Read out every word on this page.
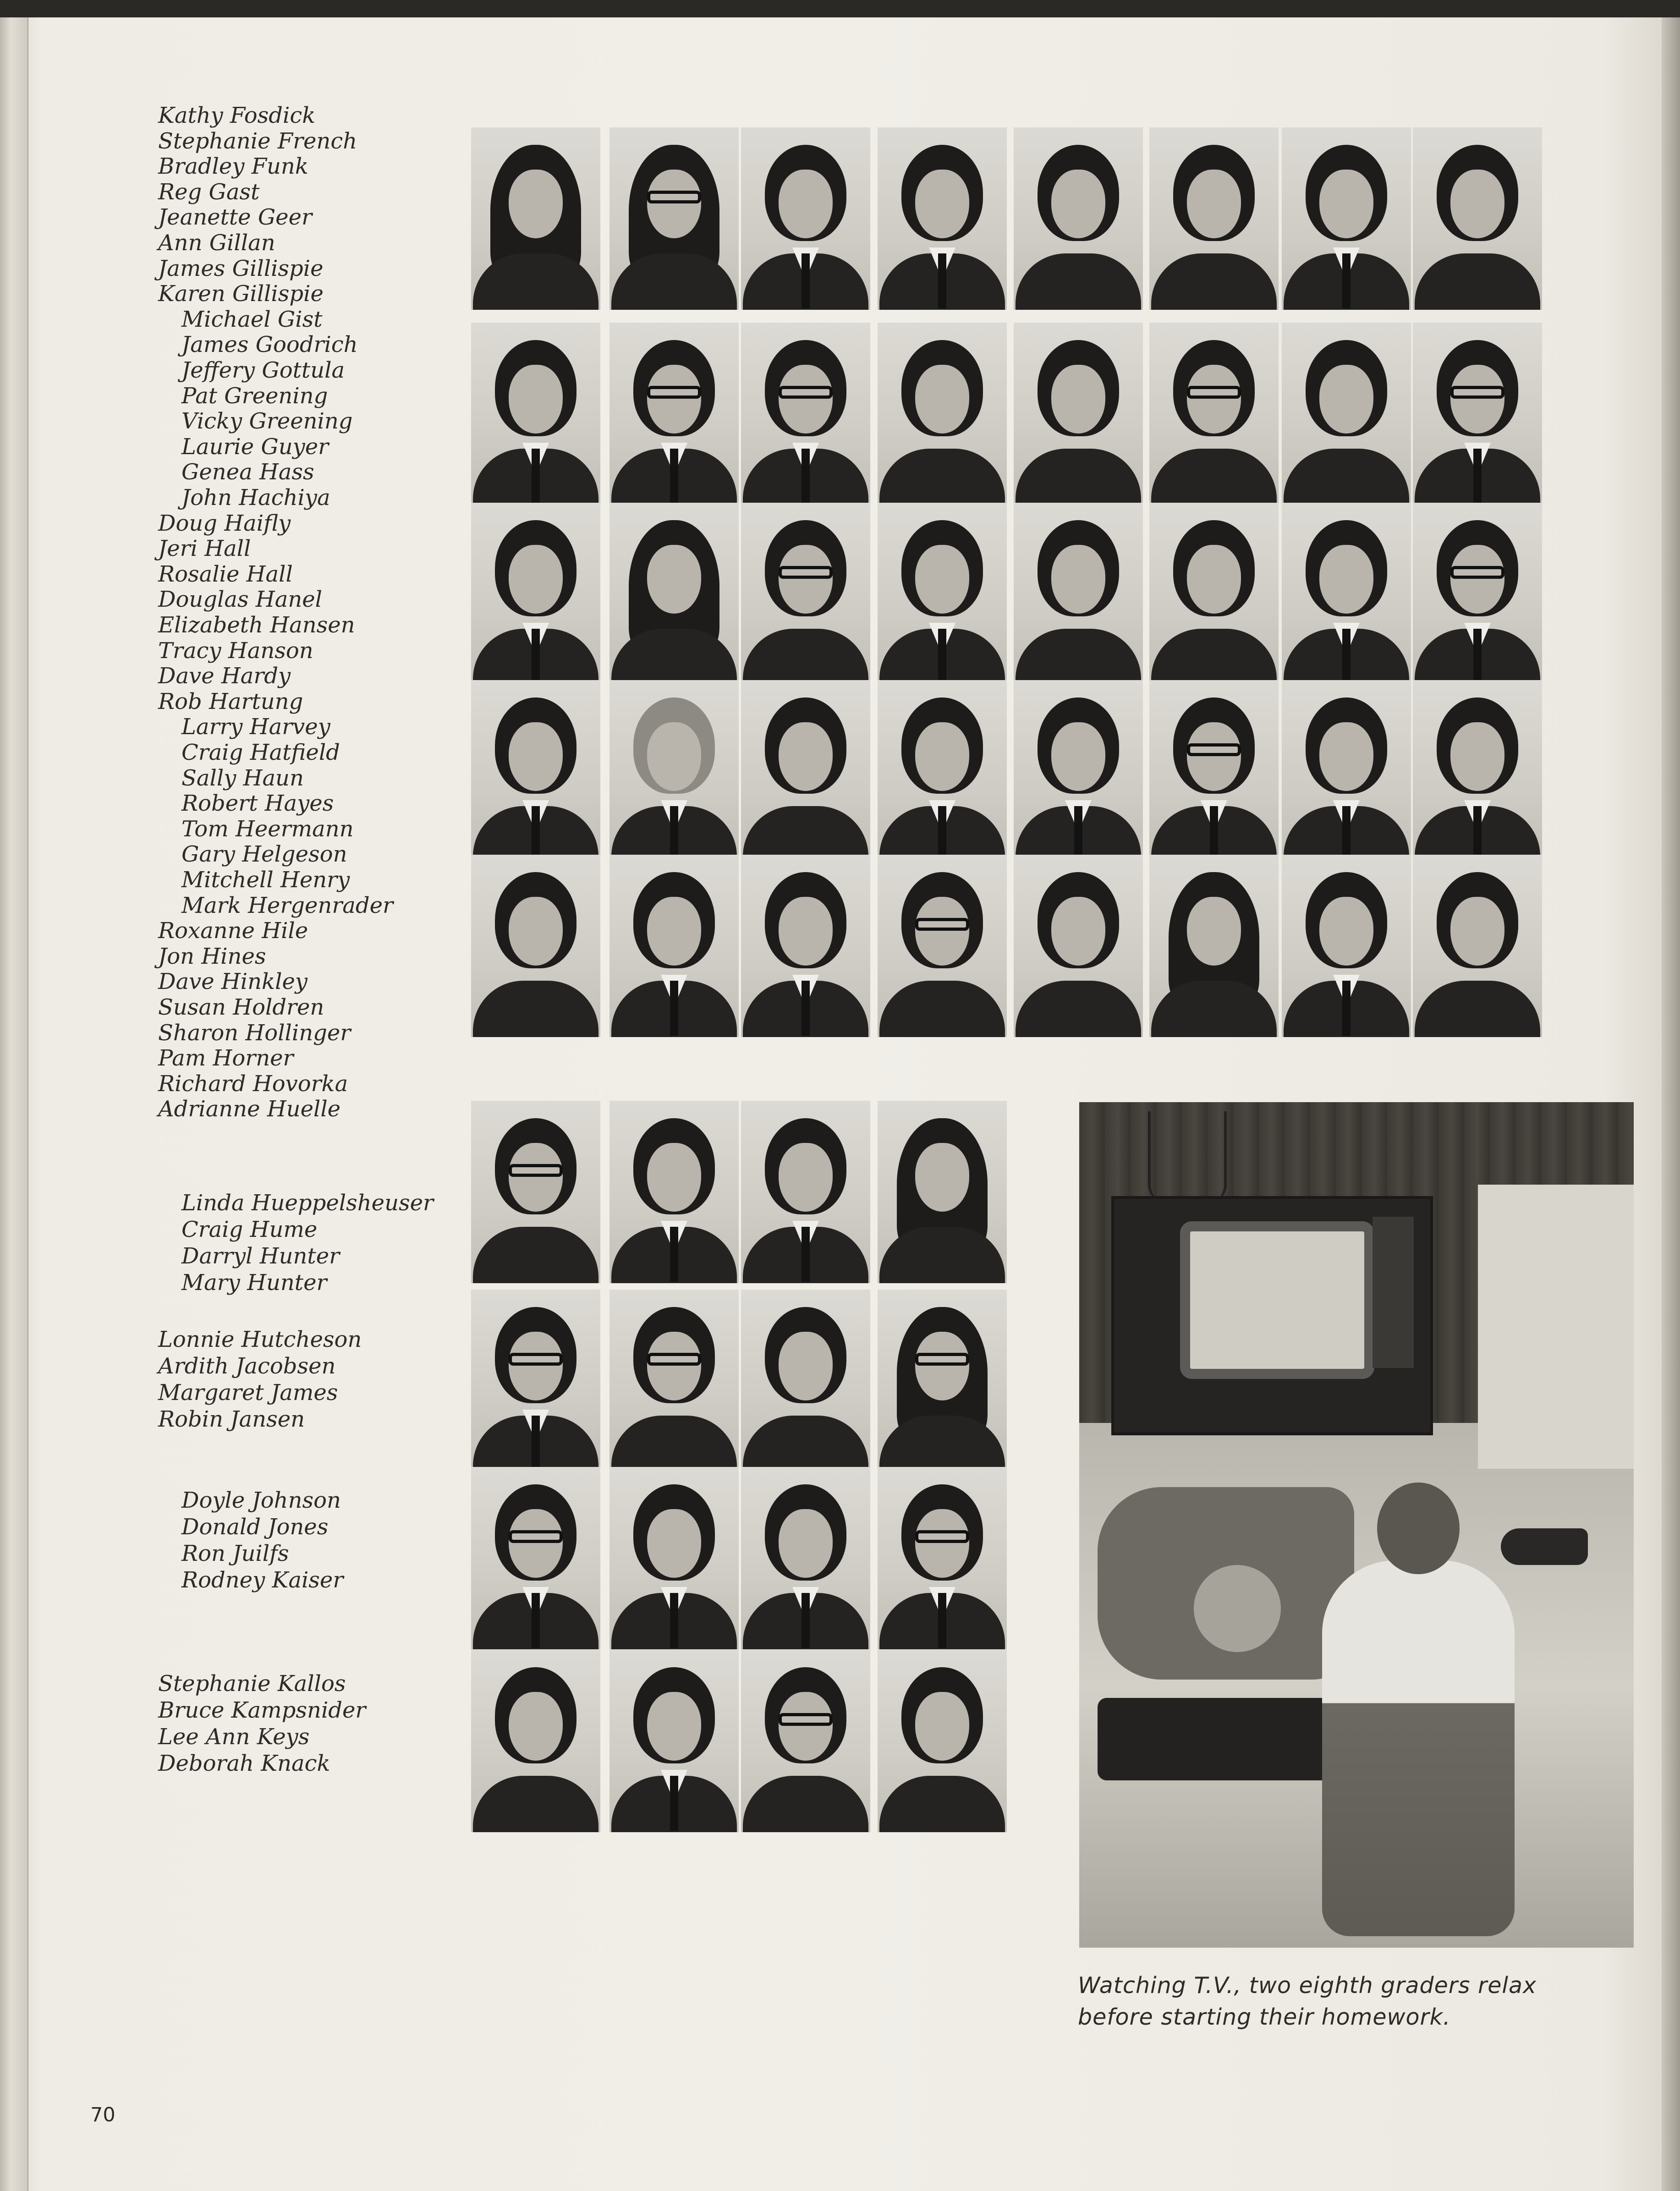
Kathy Fosdick
Stephanie French
Bradley Funk
Reg Gast
Jeanette Geer
Ann Gillan
James Gillispie
Karen Gillispie
Michael Gist
James Goodrich
Jeffery Gottula
Pat Greening
Vicky Greening
Laurie Guyer
Genea Hass
John Hachiya
Doug Haifly
Jeri Hall
Rosalie Hall
Douglas Hanel
Elizabeth Hansen
Tracy Hanson
Dave Hardy
Rob Hartung
Larry Harvey
Craig Hatfield
Sally Haun
Robert Hayes
Tom Heermann
Gary Helgeson
Mitchell Henry
Mark Hergenrader
Roxanne Hile
Jon Hines
Dave Hinkley
Susan Holdren
Sharon Hollinger
Pam Horner
Richard Hovorka
Adrianne Huelle
Linda Hueppelsheuser
Craig Hume
Darryl Hunter
Mary Hunter
Lonnie Hutcheson
Ardith Jacobsen
Margaret James
Robin Jansen
Doyle Johnson
Donald Jones
Ron Juilfs
Rodney Kaiser
Stephanie Kallos
Bruce Kampsnider
Lee Ann Keys
Deborah Knack
Watching T.V., two eighth graders relax before starting their homework.
70
